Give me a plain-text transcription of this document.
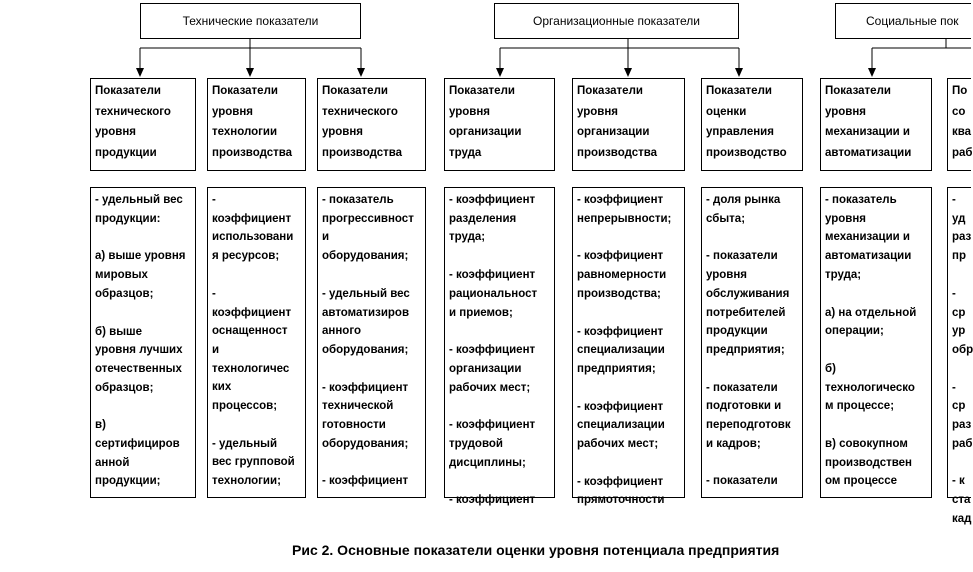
Технические показатели	Организационные показатели	Социальные пок
Показатели
технического
уровня
продукции
Показатели
уровня
технологии
производства
Показатели
технического
уровня
производства
Показатели
уровня
организации
труда
Показатели
уровня
организации
производства
Показатели
оценки
управления
производство
Показатели
уровня
механизации и
автоматизации
По
со
ква
раб

- удельный вес
продукции:

а) выше уровня
мировых
образцов;

б) выше
уровня лучших
отечественных
образцов;

в)
сертифициров
анной
продукции;

-
коэффициент
использовани
я ресурсов;

-
коэффициент
оснащенност
и
технологичес
ких
процессов;

- удельный
вес групповой
технологии;

- показатель
прогрессивност
и
оборудования;

- удельный вес
автоматизиров
анного
оборудования;

- коэффициент
технической
готовности
оборудования;

- коэффициент

- коэффициент
разделения
труда;

- коэффициент
рациональност
и приемов;

- коэффициент
организации
рабочих мест;

- коэффициент
трудовой
дисциплины;

- коэффициент

- коэффициент
непрерывности;

- коэффициент
равномерности
производства;

- коэффициент
специализации
предприятия;

- коэффициент
специализации
рабочих мест;

- коэффициент
прямоточности

- доля рынка
сбыта;

- показатели
уровня
обслуживания
потребителей
продукции
предприятия;

- показатели
подготовки и
переподготовк
и кадров;

- показатели

- показатель
уровня
механизации и
автоматизации
труда;

а) на отдельной
операции;

б)
технологическо
м процессе;

в) совокупном
производствен
ом процессе

- уд
раз
пр

- ср
ур
обр

- ср
раз
раб

- к
ста
кад

Рис 2. Основные показатели оценки уровня потенциала предприятия
